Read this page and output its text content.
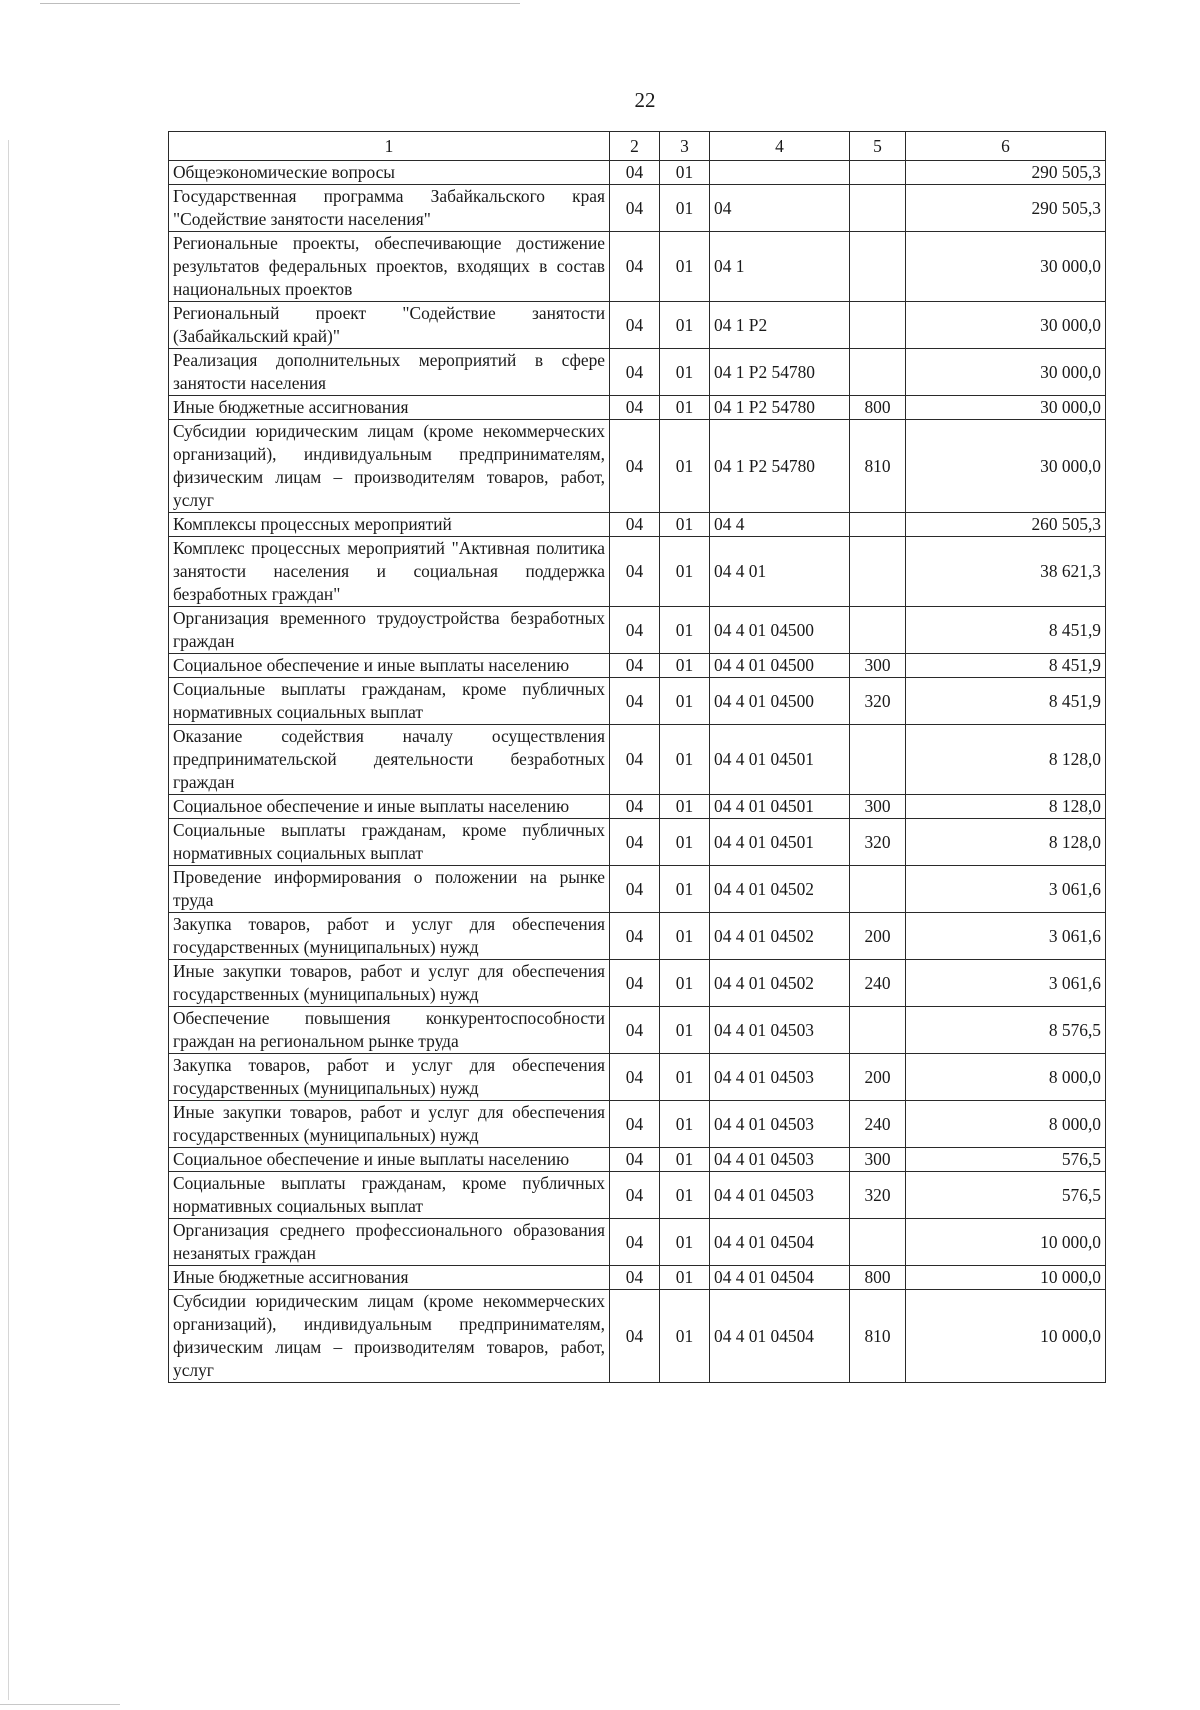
22
1	2	3	4	5	6
Общеэкономические вопросы	04	01			290 505,3
Государственная программа Забайкальского края "Содействие занятости населения"	04	01	04		290 505,3
Региональные проекты, обеспечивающие достижение результатов федеральных проектов, входящих в состав национальных проектов	04	01	04 1		30 000,0
Региональный проект "Содействие занятости (Забайкальский край)"	04	01	04 1 P2		30 000,0
Реализация дополнительных мероприятий в сфере занятости населения	04	01	04 1 P2 54780		30 000,0
Иные бюджетные ассигнования	04	01	04 1 P2 54780	800	30 000,0
Субсидии юридическим лицам (кроме некоммерческих организаций), индивидуальным предпринимателям, физическим лицам – производителям товаров, работ, услуг	04	01	04 1 P2 54780	810	30 000,0
Комплексы процессных мероприятий	04	01	04 4		260 505,3
Комплекс процессных мероприятий "Активная политика занятости населения и социальная поддержка безработных граждан"	04	01	04 4 01		38 621,3
Организация временного трудоустройства безработных граждан	04	01	04 4 01 04500		8 451,9
Социальное обеспечение и иные выплаты населению	04	01	04 4 01 04500	300	8 451,9
Социальные выплаты гражданам, кроме публичных нормативных социальных выплат	04	01	04 4 01 04500	320	8 451,9
Оказание содействия началу осуществления предпринимательской деятельности безработных граждан	04	01	04 4 01 04501		8 128,0
Социальное обеспечение и иные выплаты населению	04	01	04 4 01 04501	300	8 128,0
Социальные выплаты гражданам, кроме публичных нормативных социальных выплат	04	01	04 4 01 04501	320	8 128,0
Проведение информирования о положении на рынке труда	04	01	04 4 01 04502		3 061,6
Закупка товаров, работ и услуг для обеспечения государственных (муниципальных) нужд	04	01	04 4 01 04502	200	3 061,6
Иные закупки товаров, работ и услуг для обеспечения государственных (муниципальных) нужд	04	01	04 4 01 04502	240	3 061,6
Обеспечение повышения конкурентоспособности граждан на региональном рынке труда	04	01	04 4 01 04503		8 576,5
Закупка товаров, работ и услуг для обеспечения государственных (муниципальных) нужд	04	01	04 4 01 04503	200	8 000,0
Иные закупки товаров, работ и услуг для обеспечения государственных (муниципальных) нужд	04	01	04 4 01 04503	240	8 000,0
Социальное обеспечение и иные выплаты населению	04	01	04 4 01 04503	300	576,5
Социальные выплаты гражданам, кроме публичных нормативных социальных выплат	04	01	04 4 01 04503	320	576,5
Организация среднего профессионального образования незанятых граждан	04	01	04 4 01 04504		10 000,0
Иные бюджетные ассигнования	04	01	04 4 01 04504	800	10 000,0
Субсидии юридическим лицам (кроме некоммерческих организаций), индивидуальным предпринимателям, физическим лицам – производителям товаров, работ, услуг	04	01	04 4 01 04504	810	10 000,0
